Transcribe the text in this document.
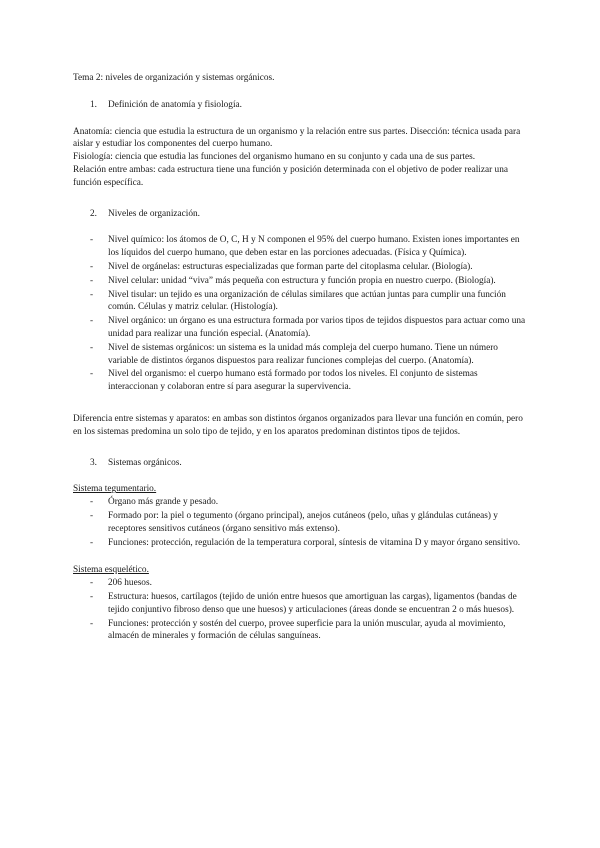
Tema 2: niveles de organización y sistemas orgánicos.

1.	Definición de anatomía y fisiología.

Anatomía: ciencia que estudia la estructura de un organismo y la relación entre sus partes. Disección: técnica usada para aislar y estudiar los componentes del cuerpo humano.

Fisiología: ciencia que estudia las funciones del organismo humano en su conjunto y cada una de sus partes.

Relación entre ambas: cada estructura tiene una función y posición determinada con el objetivo de poder realizar una función específica.

2.	Niveles de organización.
- Nivel químico: los átomos de O, C, H y N componen el 95% del cuerpo humano. Existen iones importantes en los líquidos del cuerpo humano, que deben estar en las porciones adecuadas. (Física y Química).
- Nivel de orgánelas: estructuras especializadas que forman parte del citoplasma celular. (Biología).
- Nivel celular: unidad “viva” más pequeña con estructura y función propia en nuestro cuerpo. (Biología).
- Nivel tisular: un tejido es una organización de células similares que actúan juntas para cumplir una función común. Células y matriz celular. (Histología).
- Nivel orgánico: un órgano es una estructura formada por varios tipos de tejidos dispuestos para actuar como una unidad para realizar una función especial. (Anatomía).
- Nivel de sistemas orgánicos: un sistema es la unidad más compleja del cuerpo humano. Tiene un número variable de distintos órganos dispuestos para realizar funciones complejas del cuerpo. (Anatomía).
- Nivel del organismo: el cuerpo humano está formado por todos los niveles. El conjunto de sistemas interaccionan y colaboran entre sí para asegurar la supervivencia.

Diferencia entre sistemas y aparatos: en ambas son distintos órganos organizados para llevar una función en común, pero en los sistemas predomina un solo tipo de tejido, y en los aparatos predominan distintos tipos de tejidos.

3.	Sistemas orgánicos.

Sistema tegumentario.

- Órgano más grande y pesado.
- Formado por: la piel o tegumento (órgano principal), anejos cutáneos (pelo, uñas y glándulas cutáneas) y receptores sensitivos cutáneos (órgano sensitivo más extenso).
- Funciones: protección, regulación de la temperatura corporal, síntesis de vitamina D y mayor órgano sensitivo.

Sistema esquelético.

- 206 huesos.
- Estructura: huesos, cartílagos (tejido de unión entre huesos que amortiguan las cargas), ligamentos (bandas de tejido conjuntivo fibroso denso que une huesos) y articulaciones (áreas donde se encuentran 2 o más huesos).
- Funciones: protección y sostén del cuerpo, provee superficie para la unión muscular, ayuda al movimiento, almacén de minerales y formación de células sanguíneas.
